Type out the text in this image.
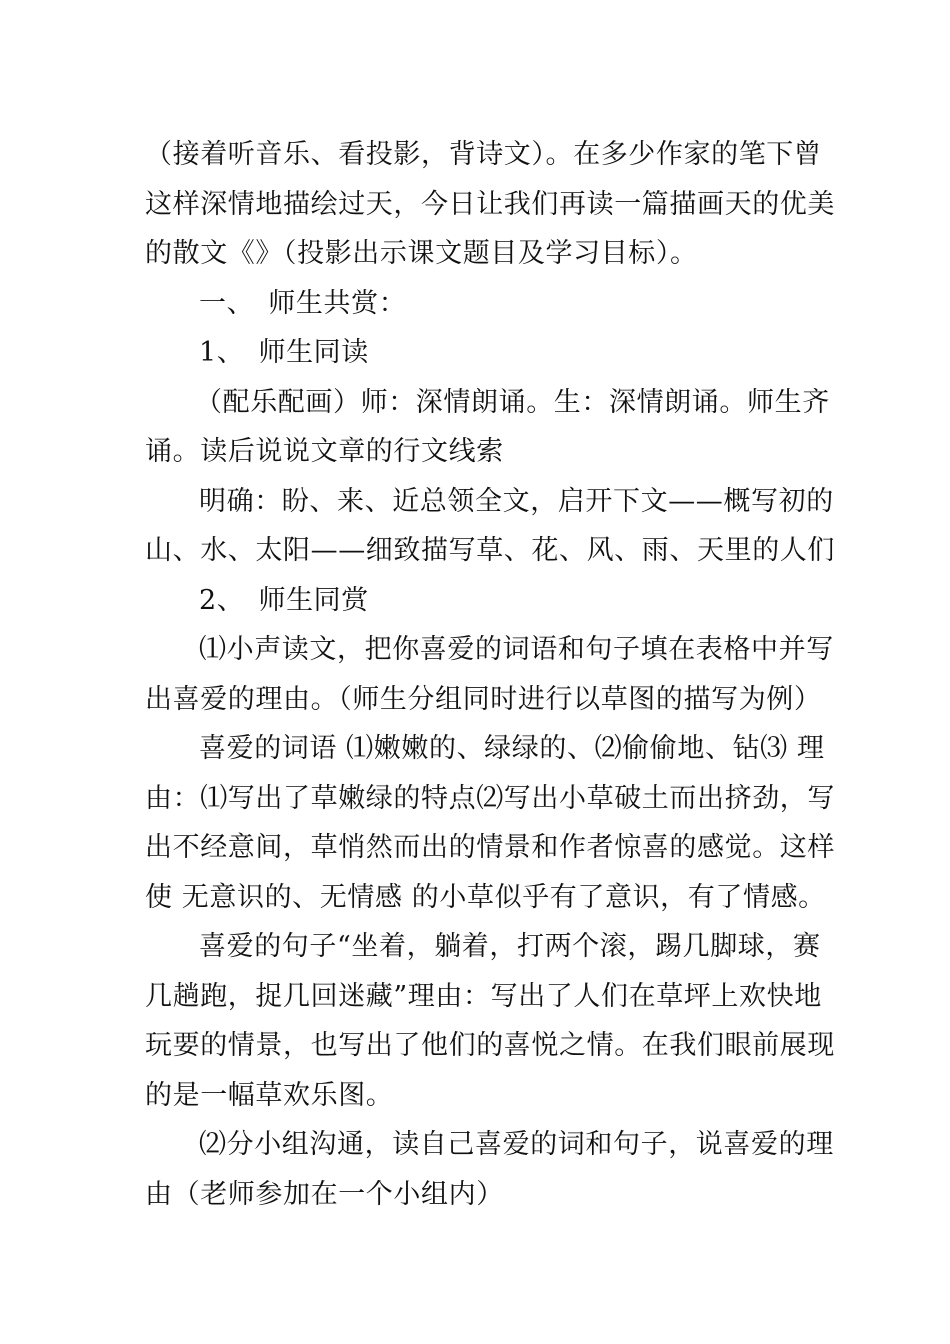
（接着听音乐、看投影，背诗文）。在多少作家的笔下曾
这样深情地描绘过天，今日让我们再读一篇描画天的优美
的散文《》（投影出示课文题目及学习目标）。
一、　师生共赏：
1、　师生同读
（配乐配画）师：深情朗诵。生：深情朗诵。师生齐
诵。读后说说文章的行文线索
明确：盼、来、近总领全文，启开下文——概写初的
山、水、太阳——细致描写草、花、风、雨、天里的人们
2、　师生同赏
⑴小声读文，把你喜爱的词语和句子填在表格中并写
出喜爱的理由。（师生分组同时进行以草图的描写为例）
喜爱的词语 ⑴嫩嫩的、绿绿的、⑵偷偷地、钻⑶ 理
由：⑴写出了草嫩绿的特点⑵写出小草破土而出挤劲，写
出不经意间，草悄然而出的情景和作者惊喜的感觉。这样
使 无意识的、无情感 的小草似乎有了意识，有了情感。
喜爱的句子“坐着，躺着，打两个滚，踢几脚球，赛
几趟跑，捉几回迷藏”理由：写出了人们在草坪上欢快地
玩要的情景，也写出了他们的喜悦之情。在我们眼前展现
的是一幅草欢乐图。
⑵分小组沟通，读自己喜爱的词和句子，说喜爱的理
由（老师参加在一个小组内）
